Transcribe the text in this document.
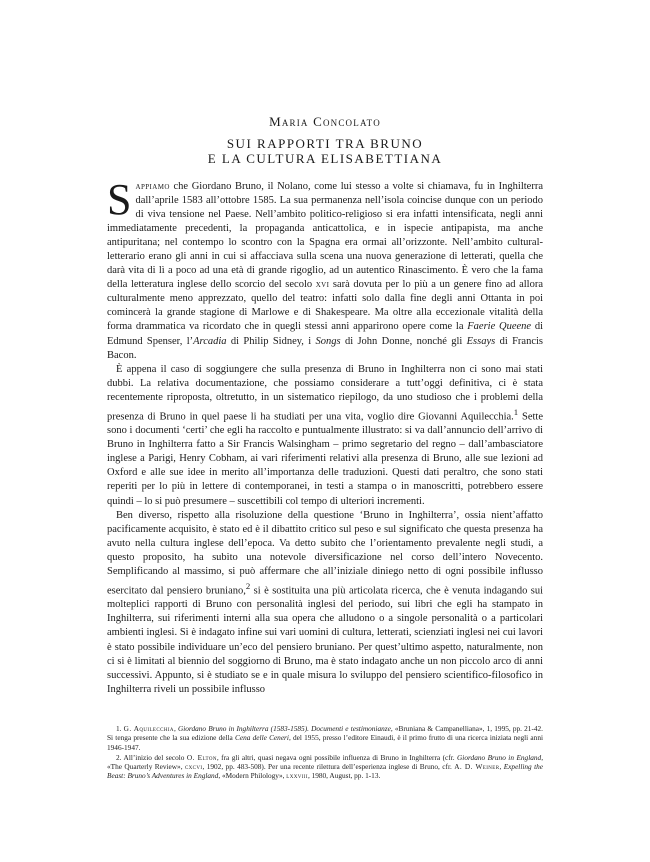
Maria Concolato
SUI RAPPORTI TRA BRUNO
E LA CULTURA ELISABETTIANA

Sappiamo che Giordano Bruno, il Nolano, come lui stesso a volte si chiamava, fu in Inghilterra dall’aprile 1583 all’ottobre 1585. La sua permanenza nell’isola coincise dunque con un periodo di viva tensione nel Paese. Nell’ambito politico-religioso si era infatti intensificata, negli anni immediatamente precedenti, la propaganda anticattolica, e in ispecie antipapista, ma anche antipuritana; nel contempo lo scontro con la Spagna era ormai all’orizzonte. Nell’ambito cultural-letterario erano gli anni in cui si affacciava sulla scena una nuova generazione di letterati, quella che darà vita di lì a poco ad una età di grande rigoglio, ad un autentico Rinascimento. È vero che la fama della letteratura inglese dello scorcio del secolo xvi sarà dovuta per lo più a un genere fino ad allora culturalmente meno apprezzato, quello del teatro: infatti solo dalla fine degli anni Ottanta in poi comincerà la grande stagione di Marlowe e di Shakespeare. Ma oltre alla eccezionale vitalità della forma drammatica va ricordato che in quegli stessi anni apparirono opere come la Faerie Queene di Edmund Spenser, l’Arcadia di Philip Sidney, i Songs di John Donne, nonché gli Essays di Francis Bacon.

È appena il caso di soggiungere che sulla presenza di Bruno in Inghilterra non ci sono mai stati dubbi. La relativa documentazione, che possiamo considerare a tutt’oggi definitiva, ci è stata recentemente riproposta, oltretutto, in un sistematico riepilogo, da uno studioso che i problemi della presenza di Bruno in quel paese li ha studiati per una vita, voglio dire Giovanni Aquilecchia.$^1$ Sette sono i documenti ‘certi’ che egli ha raccolto e puntualmente illustrato: si va dall’annuncio dell’arrivo di Bruno in Inghilterra fatto a Sir Francis Walsingham – primo segretario del regno – dall’ambasciatore inglese a Parigi, Henry Cobham, ai vari riferimenti relativi alla presenza di Bruno, alle sue lezioni ad Oxford e alle sue idee in merito all’importanza delle traduzioni. Questi dati peraltro, che sono stati reperiti per lo più in lettere di contemporanei, in testi a stampa o in manoscritti, potrebbero essere quindi – lo si può presumere – suscettibili col tempo di ulteriori incrementi.

Ben diverso, rispetto alla risoluzione della questione ‘Bruno in Inghilterra’, ossia nient’affatto pacificamente acquisito, è stato ed è il dibattito critico sul peso e sul significato che questa presenza ha avuto nella cultura inglese dell’epoca. Va detto subito che l’orientamento prevalente negli studi, a questo proposito, ha subito una notevole diversificazione nel corso dell’intero Novecento. Semplificando al massimo, si può affermare che all’iniziale diniego netto di ogni possibile influsso esercitato dal pensiero bruniano,$^2$ si è sostituita una più articolata ricerca, che è venuta indagando sui molteplici rapporti di Bruno con personalità inglesi del periodo, sui libri che egli ha stampato in Inghilterra, sui riferimenti interni alla sua opera che alludono o a singole personalità o a particolari ambienti inglesi. Si è indagato infine sui vari uomini di cultura, letterati, scienziati inglesi nei cui lavori è stato possibile individuare un’eco del pensiero bruniano. Per quest’ultimo aspetto, naturalmente, non ci si è limitati al biennio del soggiorno di Bruno, ma è stato indagato anche un non piccolo arco di anni successivi. Appunto, si è studiato se e in quale misura lo sviluppo del pensiero scientifico-filosofico in Inghilterra riveli un possibile influsso

1. G. Aquilecchia, Giordano Bruno in Inghilterra (1583-1585). Documenti e testimonianze, «Bruniana & Campanelliana», 1, 1995, pp. 21-42. Si tenga presente che la sua edizione della Cena delle Ceneri, del 1955, presso l’editore Einaudi, è il primo frutto di una ricerca iniziata negli anni 1946-1947.

2. All’inizio del secolo O. Elton, fra gli altri, quasi negava ogni possibile influenza di Bruno in Inghilterra (cfr. Giordano Bruno in England, «The Quarterly Review», cxcvi, 1902, pp. 483-508). Per una recente rilettura dell’esperienza inglese di Bruno, cfr. A. D. Weiner, Expelling the Beast: Bruno’s Adventures in England, «Modern Philology», lxxviii, 1980, August, pp. 1-13.
